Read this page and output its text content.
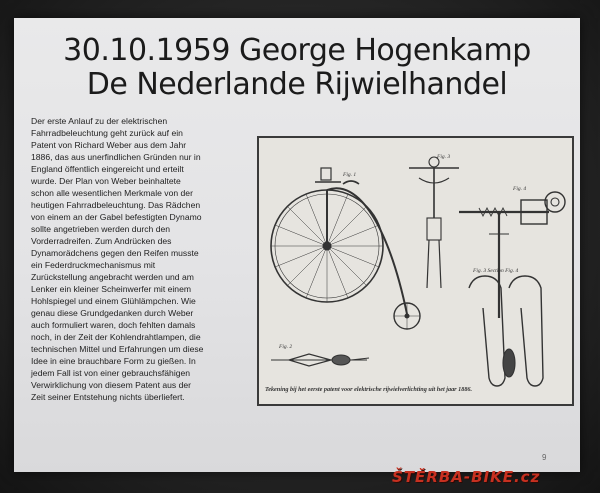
30.10.1959 George Hogenkamp
De Nederlande Rijwielhandel
Der erste Anlauf zu der elektrischen
Fahrradbeleuchtung geht zurück auf ein
Patent von Richard Weber aus dem Jahr
1886, das aus unerfindlichen Gründen nur in
England öffentlich eingereicht und erteilt
wurde. Der Plan von Weber beinhaltete
schon alle wesentlichen Merkmale von der
heutigen Fahrradbeleuchtung. Das Rädchen
von einem an der Gabel befestigten Dynamo
sollte angetrieben werden durch den
Vorderradreifen. Zum Andrücken des
Dynamorädchens gegen den Reifen musste
ein Federdruckmechanismus mit
Zurückstellung angebracht werden und am
Lenker ein kleiner Scheinwerfer mit einem
Hohlspiegel und einem Glühlämpchen. Wie
genau diese Grundgedanken durch Weber
auch formuliert waren, doch fehlten damals
noch, in der Zeit der Kohlendrahtlampen, die
technischen Mittel und Erfahrungen um diese
Idee in eine brauchbare Form zu gießen. In
jedem Fall ist von einer gebrauchsfähigen
Verwirklichung von diesem Patent aus der
Zeit seiner Entstehung nichts überliefert.
Fig. 1
Fig. 3
Fig. 4
Fig. 3 Section Fig. 4
Fig. 2
Tekening bij het eerste patent voor elektrische rijwielverlichting uit het jaar 1886.
9
ŠTĚRBA-BIKE.cz
